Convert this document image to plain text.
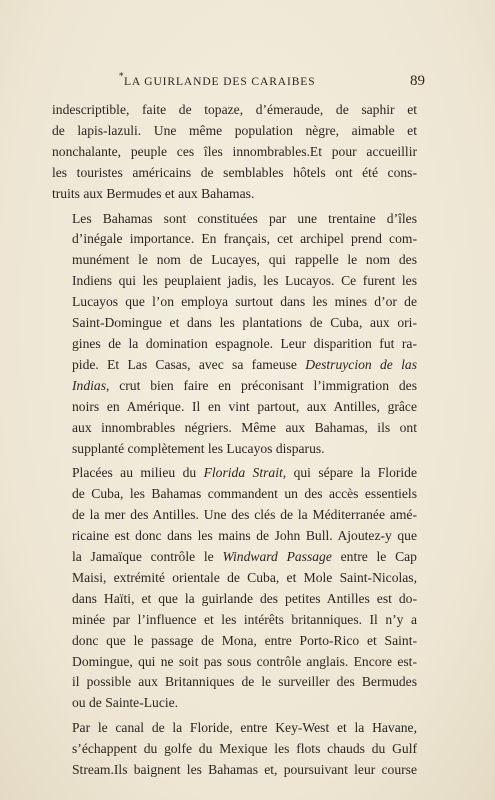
* LA GUIRLANDE DES CARAIBES	89

indescriptible, faite de topaze, d’émeraude, de saphir et
de lapis-lazuli. Une même population nègre, aimable et
nonchalante, peuple ces îles innombrables.Et pour accueillir
les touristes américains de semblables hôtels ont été cons-
truits aux Bermudes et aux Bahamas.

Les Bahamas sont constituées par une trentaine d’îles
d’inégale importance. En français, cet archipel prend com-
munément le nom de Lucayes, qui rappelle le nom des
Indiens qui les peuplaient jadis, les Lucayos. Ce furent les
Lucayos que l’on employa surtout dans les mines d’or de
Saint-Domingue et dans les plantations de Cuba, aux ori-
gines de la domination espagnole. Leur disparition fut ra-
pide. Et Las Casas, avec sa fameuse Destruycion de las
Indias, crut bien faire en préconisant l’immigration des
noirs en Amérique. Il en vint partout, aux Antilles, grâce
aux innombrables négriers. Même aux Bahamas, ils ont
supplanté complètement les Lucayos disparus.

Placées au milieu du Florida Strait, qui sépare la Floride
de Cuba, les Bahamas commandent un des accès essentiels
de la mer des Antilles. Une des clés de la Méditerranée amé-
ricaine est donc dans les mains de John Bull. Ajoutez-y que
la Jamaïque contrôle le Windward Passage entre le Cap
Maisi, extrémité orientale de Cuba, et Mole Saint-Nicolas,
dans Haïti, et que la guirlande des petites Antilles est do-
minée par l’influence et les intérêts britanniques. Il n’y a
donc que le passage de Mona, entre Porto-Rico et Saint-
Domingue, qui ne soit pas sous contrôle anglais. Encore est-
il possible aux Britanniques de le surveiller des Bermudes
ou de Sainte-Lucie.

Par le canal de la Floride, entre Key-West et la Havane,
s’échappent du golfe du Mexique les flots chauds du Gulf
Stream.Ils baignent les Bahamas et, poursuivant leur course
